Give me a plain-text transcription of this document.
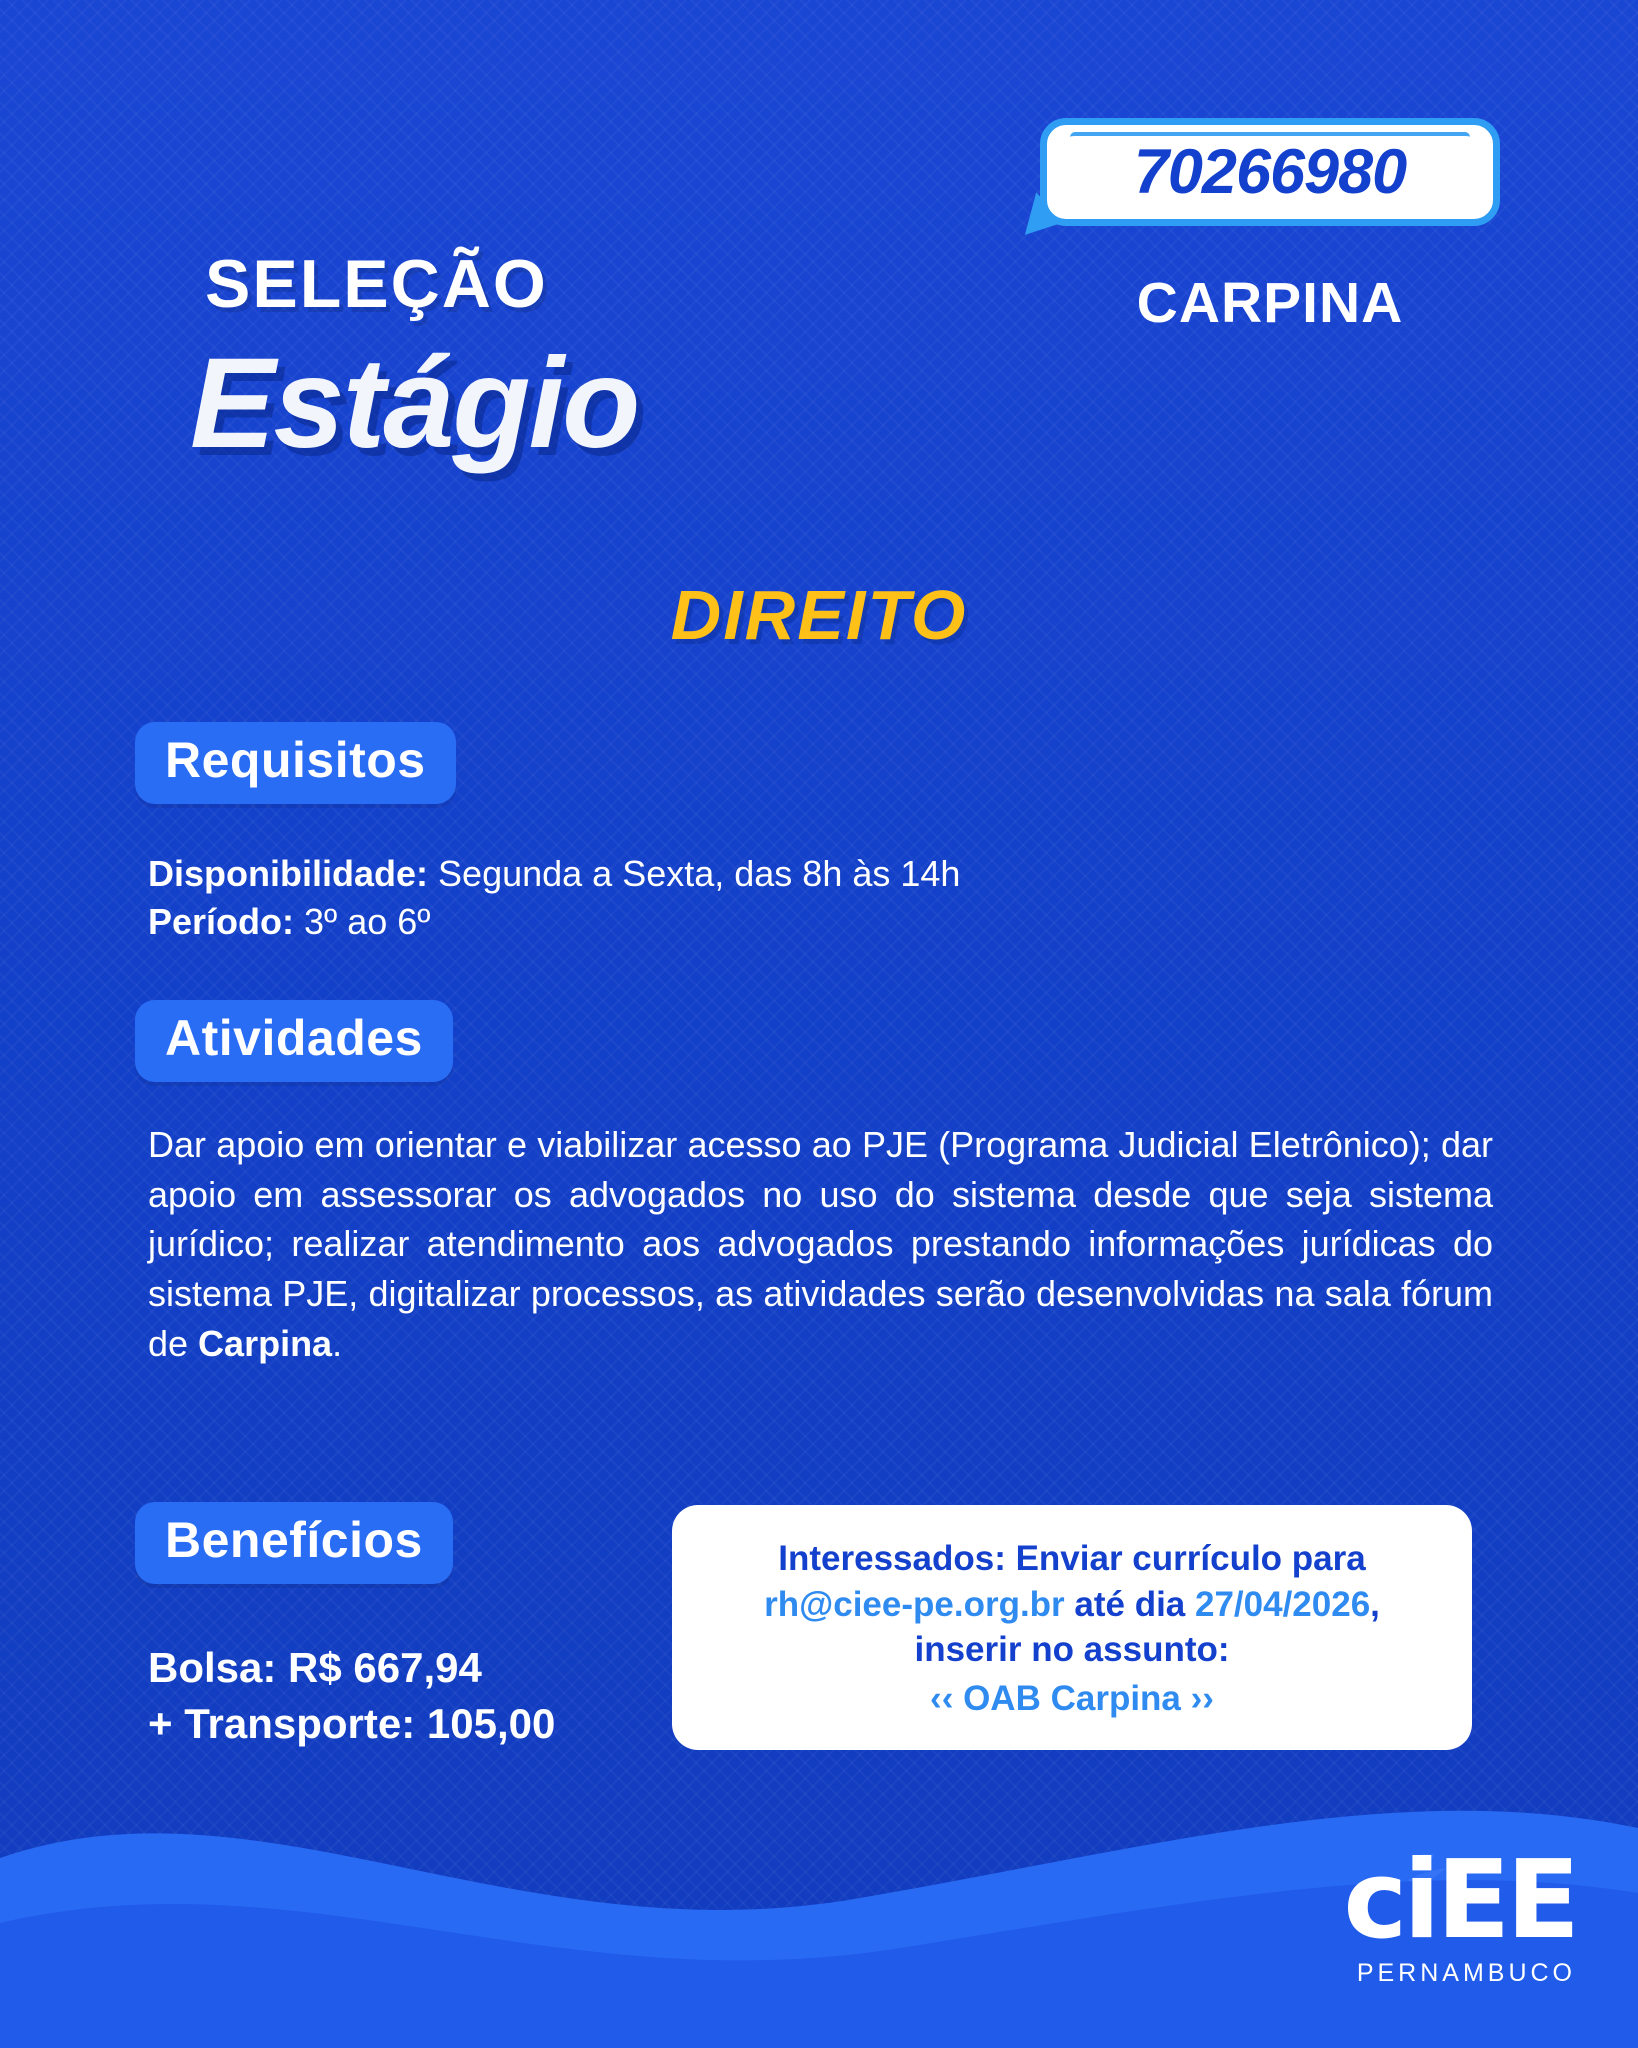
70266980
CARPINA
SELEÇÃO
Estágio
DIREITO
Requisitos
Disponibilidade: Segunda a Sexta, das 8h às 14h
Período: 3º ao 6º
Atividades
Dar apoio em orientar e viabilizar acesso ao PJE (Programa Judicial Eletrônico); dar apoio em assessorar os advogados no uso do sistema desde que seja sistema jurídico; realizar atendimento aos advogados prestando informações jurídicas do sistema PJE, digitalizar processos, as atividades serão desenvolvidas na sala fórum de Carpina.
Benefícios
Bolsa: R$ 667,94
+ Transporte: 105,00
Interessados: Enviar currículo para
rh@ciee-pe.org.br até dia 27/04/2026,
inserir no assunto:
‹‹ OAB Carpina ››
ciEE
PERNAMBUCO
